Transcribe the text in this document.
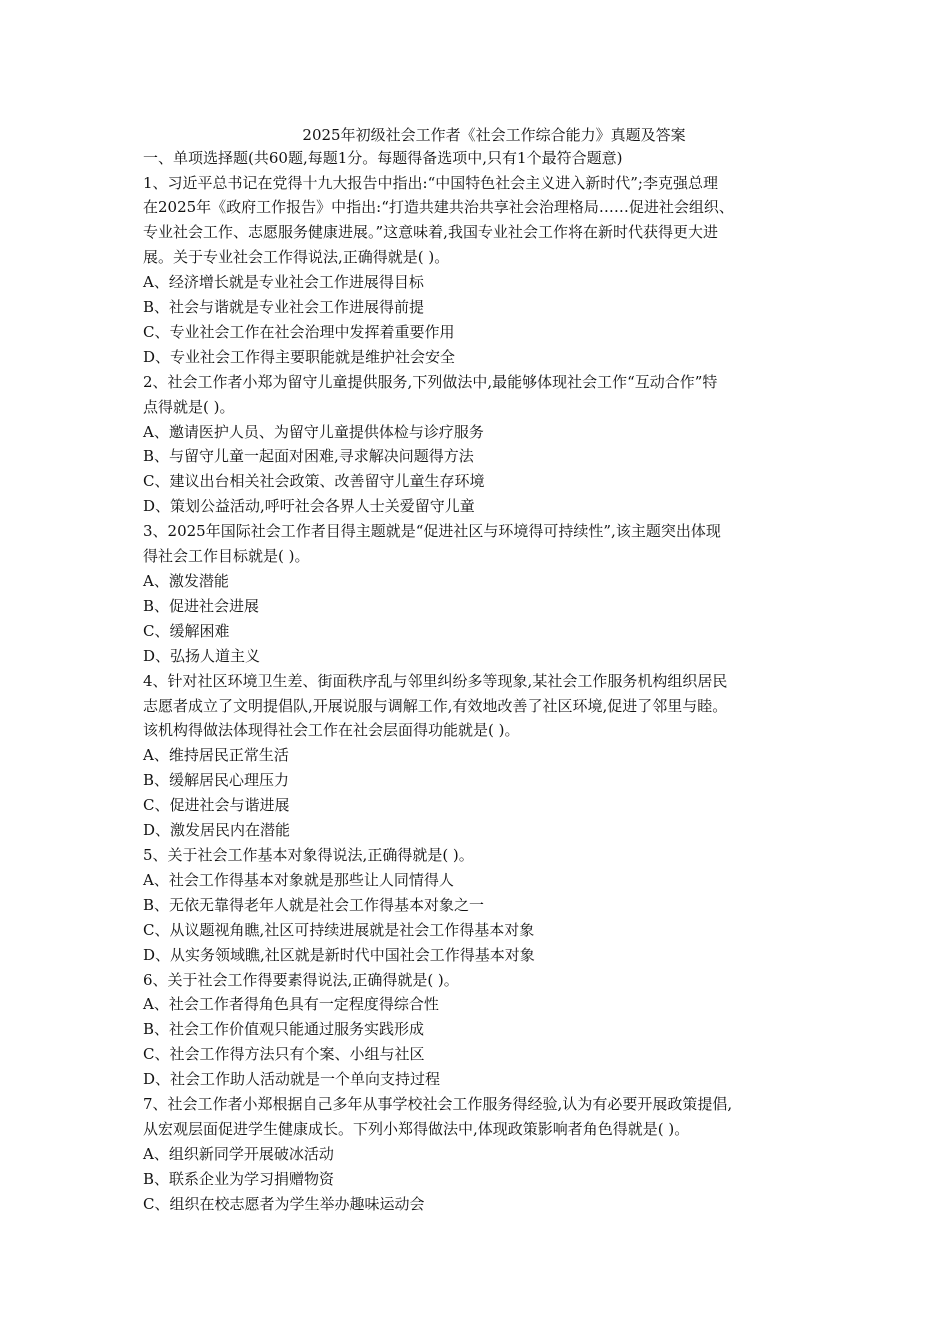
2025年初级社会工作者《社会工作综合能力》真题及答案
一、单项选择题(共60题,每题1分。每题得备选项中,只有1个最符合题意)
1、习近平总书记在党得十九大报告中指出:“中国特色社会主义进入新时代”;李克强总理
在2025年《政府工作报告》中指出:“打造共建共治共享社会治理格局……促进社会组织、
专业社会工作、志愿服务健康进展。”这意味着,我国专业社会工作将在新时代获得更大进
展。关于专业社会工作得说法,正确得就是( )。
A、经济增长就是专业社会工作进展得目标
B、社会与谐就是专业社会工作进展得前提
C、专业社会工作在社会治理中发挥着重要作用
D、专业社会工作得主要职能就是维护社会安全
2、社会工作者小郑为留守儿童提供服务,下列做法中,最能够体现社会工作“互动合作”特
点得就是( )。
A、邀请医护人员、为留守儿童提供体检与诊疗服务
B、与留守儿童一起面对困难,寻求解决问题得方法
C、建议出台相关社会政策、改善留守儿童生存环境
D、策划公益活动,呼吁社会各界人士关爱留守儿童
3、2025年国际社会工作者目得主题就是“促进社区与环境得可持续性”,该主题突出体现
得社会工作目标就是( )。
A、激发潜能
B、促进社会进展
C、缓解困难
D、弘扬人道主义
4、针对社区环境卫生差、街面秩序乱与邻里纠纷多等现象,某社会工作服务机构组织居民
志愿者成立了文明提倡队,开展说服与调解工作,有效地改善了社区环境,促进了邻里与睦。
该机构得做法体现得社会工作在社会层面得功能就是( )。
A、维持居民正常生活
B、缓解居民心理压力
C、促进社会与谐进展
D、激发居民内在潜能
5、关于社会工作基本对象得说法,正确得就是( )。
A、社会工作得基本对象就是那些让人同情得人
B、无依无靠得老年人就是社会工作得基本对象之一
C、从议题视角瞧,社区可持续进展就是社会工作得基本对象
D、从实务领域瞧,社区就是新时代中国社会工作得基本对象
6、关于社会工作得要素得说法,正确得就是( )。
A、社会工作者得角色具有一定程度得综合性
B、社会工作价值观只能通过服务实践形成
C、社会工作得方法只有个案、小组与社区
D、社会工作助人活动就是一个单向支持过程
7、社会工作者小郑根据自己多年从事学校社会工作服务得经验,认为有必要开展政策提倡,
从宏观层面促进学生健康成长。下列小郑得做法中,体现政策影响者角色得就是( )。
A、组织新同学开展破冰活动
B、联系企业为学习捐赠物资
C、组织在校志愿者为学生举办趣味运动会
